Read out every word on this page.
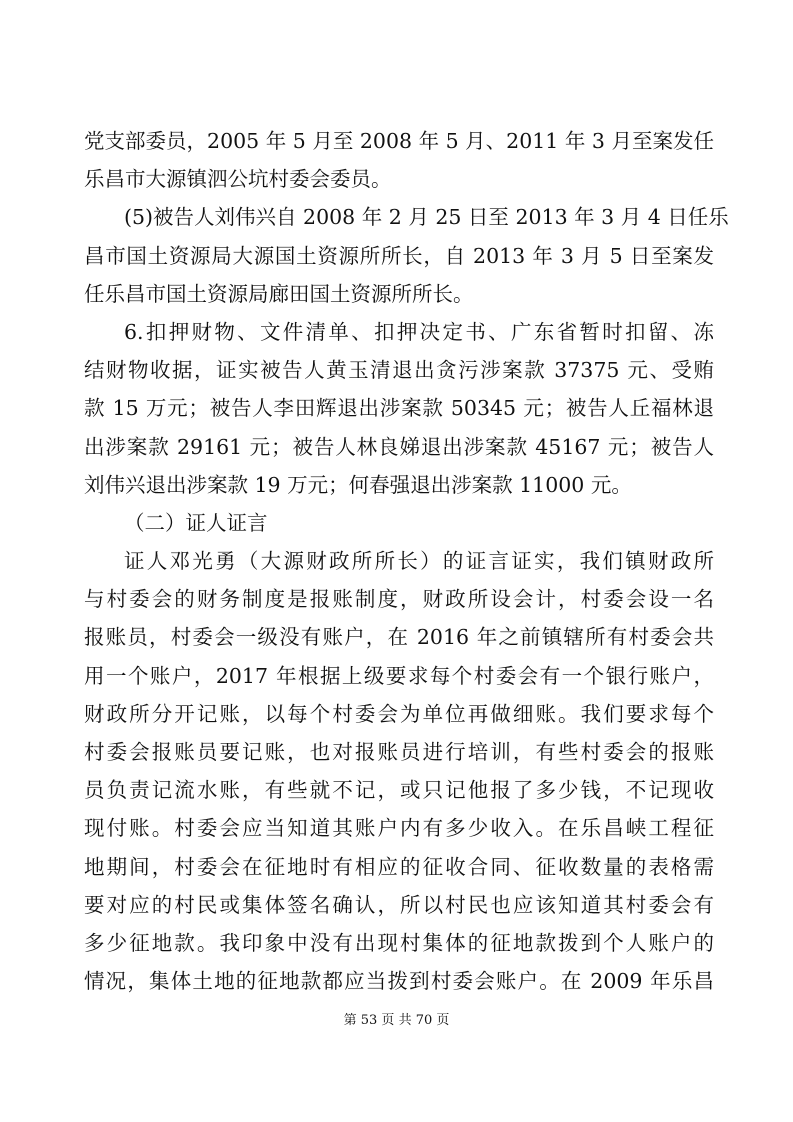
党支部委员，2005 年 5 月至 2008 年 5 月、2011 年 3 月至案发任
乐昌市大源镇泗公坑村委会委员。
(5)被告人刘伟兴自 2008 年 2 月 25 日至 2013 年 3 月 4 日任乐
昌市国土资源局大源国土资源所所长，自 2013 年 3 月 5 日至案发
任乐昌市国土资源局廊田国土资源所所长。
6.扣押财物、文件清单、扣押决定书、广东省暂时扣留、冻
结财物收据，证实被告人黄玉清退出贪污涉案款 37375 元、受贿
款 15 万元；被告人李田辉退出涉案款 50345 元；被告人丘福林退
出涉案款 29161 元；被告人林良娣退出涉案款 45167 元；被告人
刘伟兴退出涉案款 19 万元；何春强退出涉案款 11000 元。
（二）证人证言
证人邓光勇（大源财政所所长）的证言证实，我们镇财政所
与村委会的财务制度是报账制度，财政所设会计，村委会设一名
报账员，村委会一级没有账户，在 2016 年之前镇辖所有村委会共
用一个账户，2017 年根据上级要求每个村委会有一个银行账户，
财政所分开记账，以每个村委会为单位再做细账。我们要求每个
村委会报账员要记账，也对报账员进行培训，有些村委会的报账
员负责记流水账，有些就不记，或只记他报了多少钱，不记现收
现付账。村委会应当知道其账户内有多少收入。在乐昌峡工程征
地期间，村委会在征地时有相应的征收合同、征收数量的表格需
要对应的村民或集体签名确认，所以村民也应该知道其村委会有
多少征地款。我印象中没有出现村集体的征地款拨到个人账户的
情况，集体土地的征地款都应当拨到村委会账户。在 2009 年乐昌
第 53 页 共 70 页
